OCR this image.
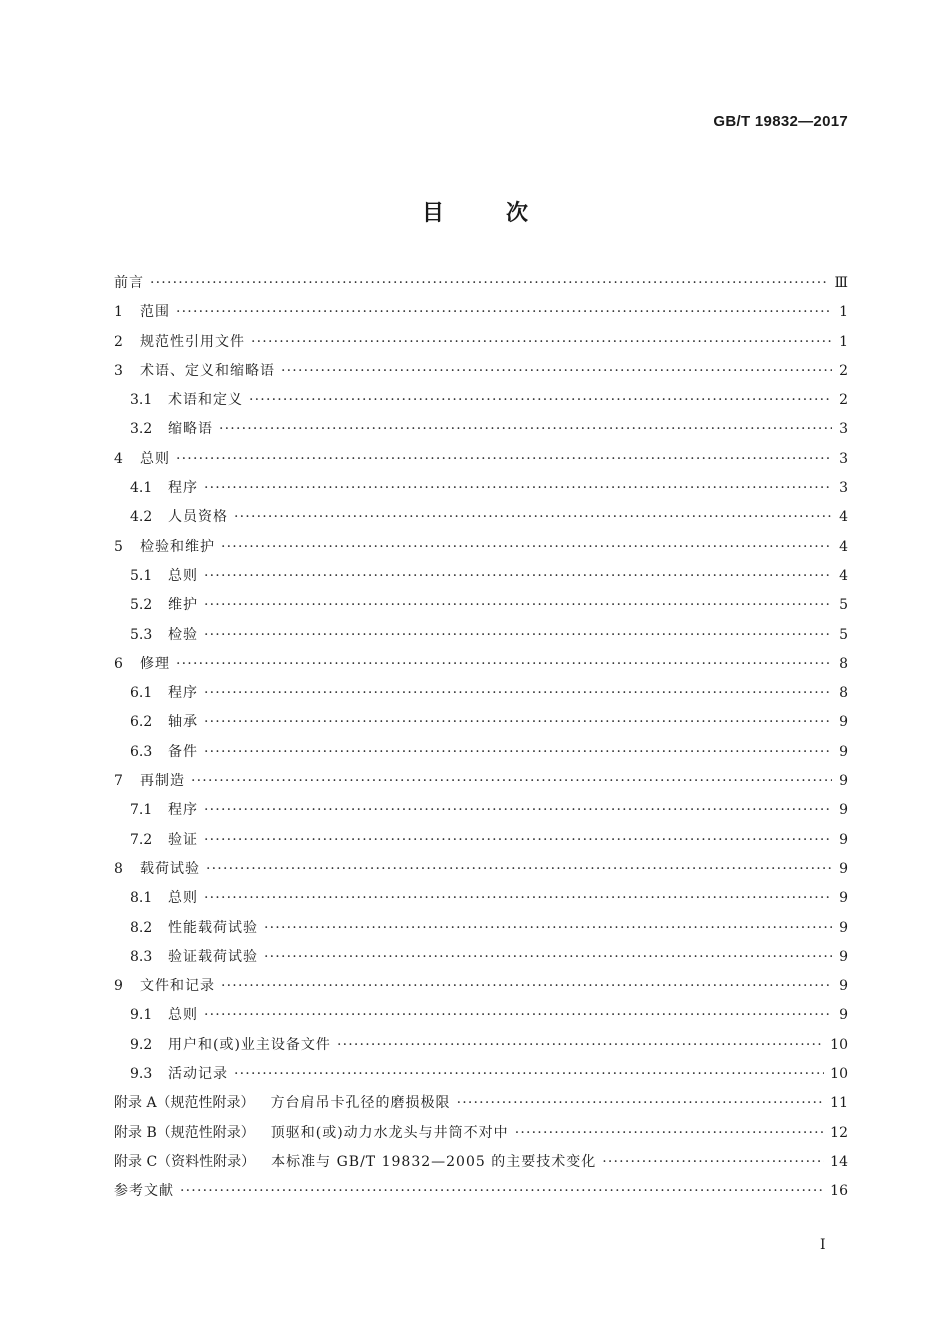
GB/T 19832—2017
目	次
前言 ·····	Ⅲ
1	范围 ·····	1
2	规范性引用文件 ·····	1
3	术语、定义和缩略语 ·····	2
3.1	术语和定义 ·····	2
3.2	缩略语 ·····	3
4	总则 ·····	3
4.1	程序 ·····	3
4.2	人员资格 ·····	4
5	检验和维护 ·····	4
5.1	总则 ·····	4
5.2	维护 ·····	5
5.3	检验 ·····	5
6	修理 ·····	8
6.1	程序 ·····	8
6.2	轴承 ·····	9
6.3	备件 ·····	9
7	再制造 ·····	9
7.1	程序 ·····	9
7.2	验证 ·····	9
8	载荷试验 ·····	9
8.1	总则 ·····	9
8.2	性能载荷试验 ·····	9
8.3	验证载荷试验 ·····	9
9	文件和记录 ·····	9
9.1	总则 ·····	9
9.2	用户和(或)业主设备文件 ·····	10
9.3	活动记录 ·····	10
附录 A（规范性附录） 方台肩吊卡孔径的磨损极限 ·····	11
附录 B（规范性附录） 顶驱和(或)动力水龙头与井筒不对中 ·····	12
附录 C（资料性附录） 本标准与 GB/T 19832—2005 的主要技术变化 ·····	14
参考文献 ·····	16
I
